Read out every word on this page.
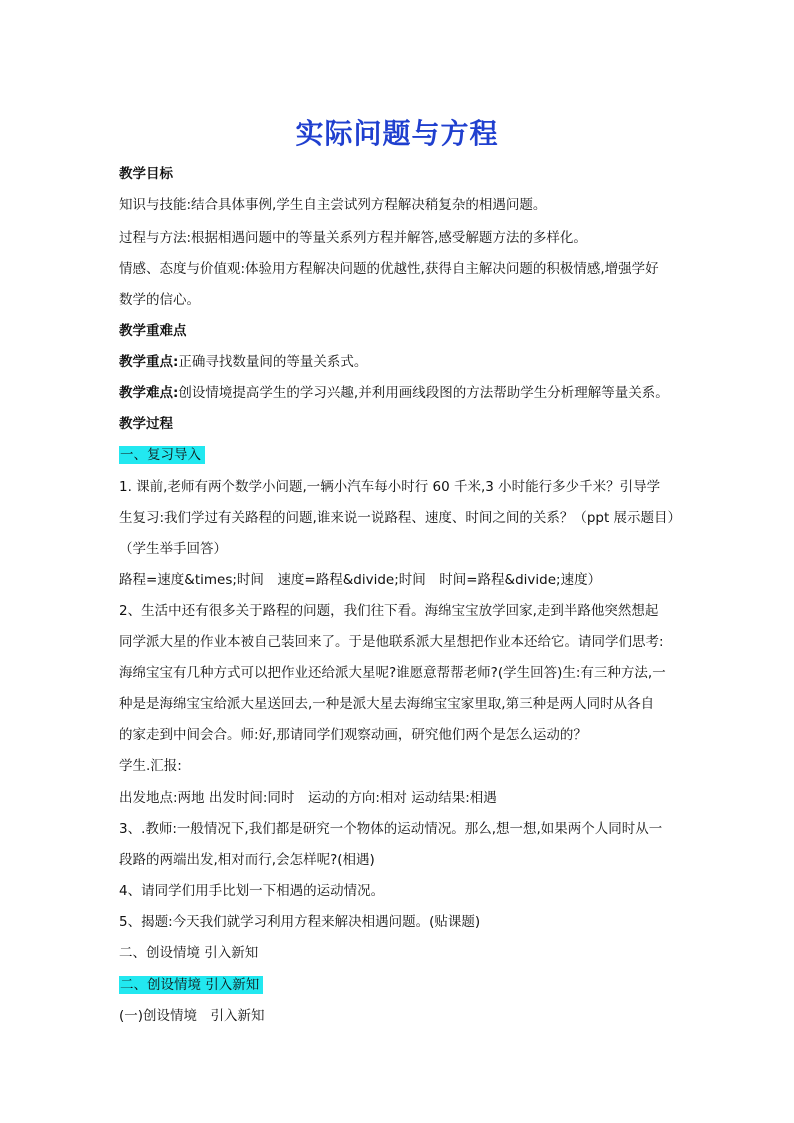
实际问题与方程

教学目标

知识与技能:结合具体事例,学生自主尝试列方程解决稍复杂的相遇问题。

过程与方法:根据相遇问题中的等量关系列方程并解答,感受解题方法的多样化。

情感、态度与价值观:体验用方程解决问题的优越性,获得自主解决问题的积极情感,增强学好

数学的信心。

教学重难点

教学重点:正确寻找数量间的等量关系式。

教学难点:创设情境提高学生的学习兴趣,并利用画线段图的方法帮助学生分析理解等量关系。

教学过程

一、复习导入

1. 课前,老师有两个数学小问题,一辆小汽车每小时行 60 千米,3 小时能行多少千米？引导学

生复习:我们学过有关路程的问题,谁来说一说路程、速度、时间之间的关系？（ppt 展示题目）

（学生举手回答）

路程=速度&times;时间　速度=路程&divide;时间　时间=路程&divide;速度）

2、生活中还有很多关于路程的问题，我们往下看。海绵宝宝放学回家,走到半路他突然想起

同学派大星的作业本被自己装回来了。于是他联系派大星想把作业本还给它。请同学们思考:

海绵宝宝有几种方式可以把作业还给派大星呢?谁愿意帮帮老师?(学生回答)生:有三种方法,一

种是是海绵宝宝给派大星送回去,一种是派大星去海绵宝宝家里取,第三种是两人同时从各自

的家走到中间会合。师:好,那请同学们观察动画，研究他们两个是怎么运动的？

学生.汇报:

出发地点:两地 出发时间:同时　运动的方向:相对 运动结果:相遇

3、.教师:一般情况下,我们都是研究一个物体的运动情况。那么,想一想,如果两个人同时从一

段路的两端出发,相对而行,会怎样呢?(相遇)

4、请同学们用手比划一下相遇的运动情况。

5、揭题:今天我们就学习利用方程来解决相遇问题。(贴课题)

二、创设情境 引入新知

二、创设情境 引入新知

(一)创设情境　引入新知
